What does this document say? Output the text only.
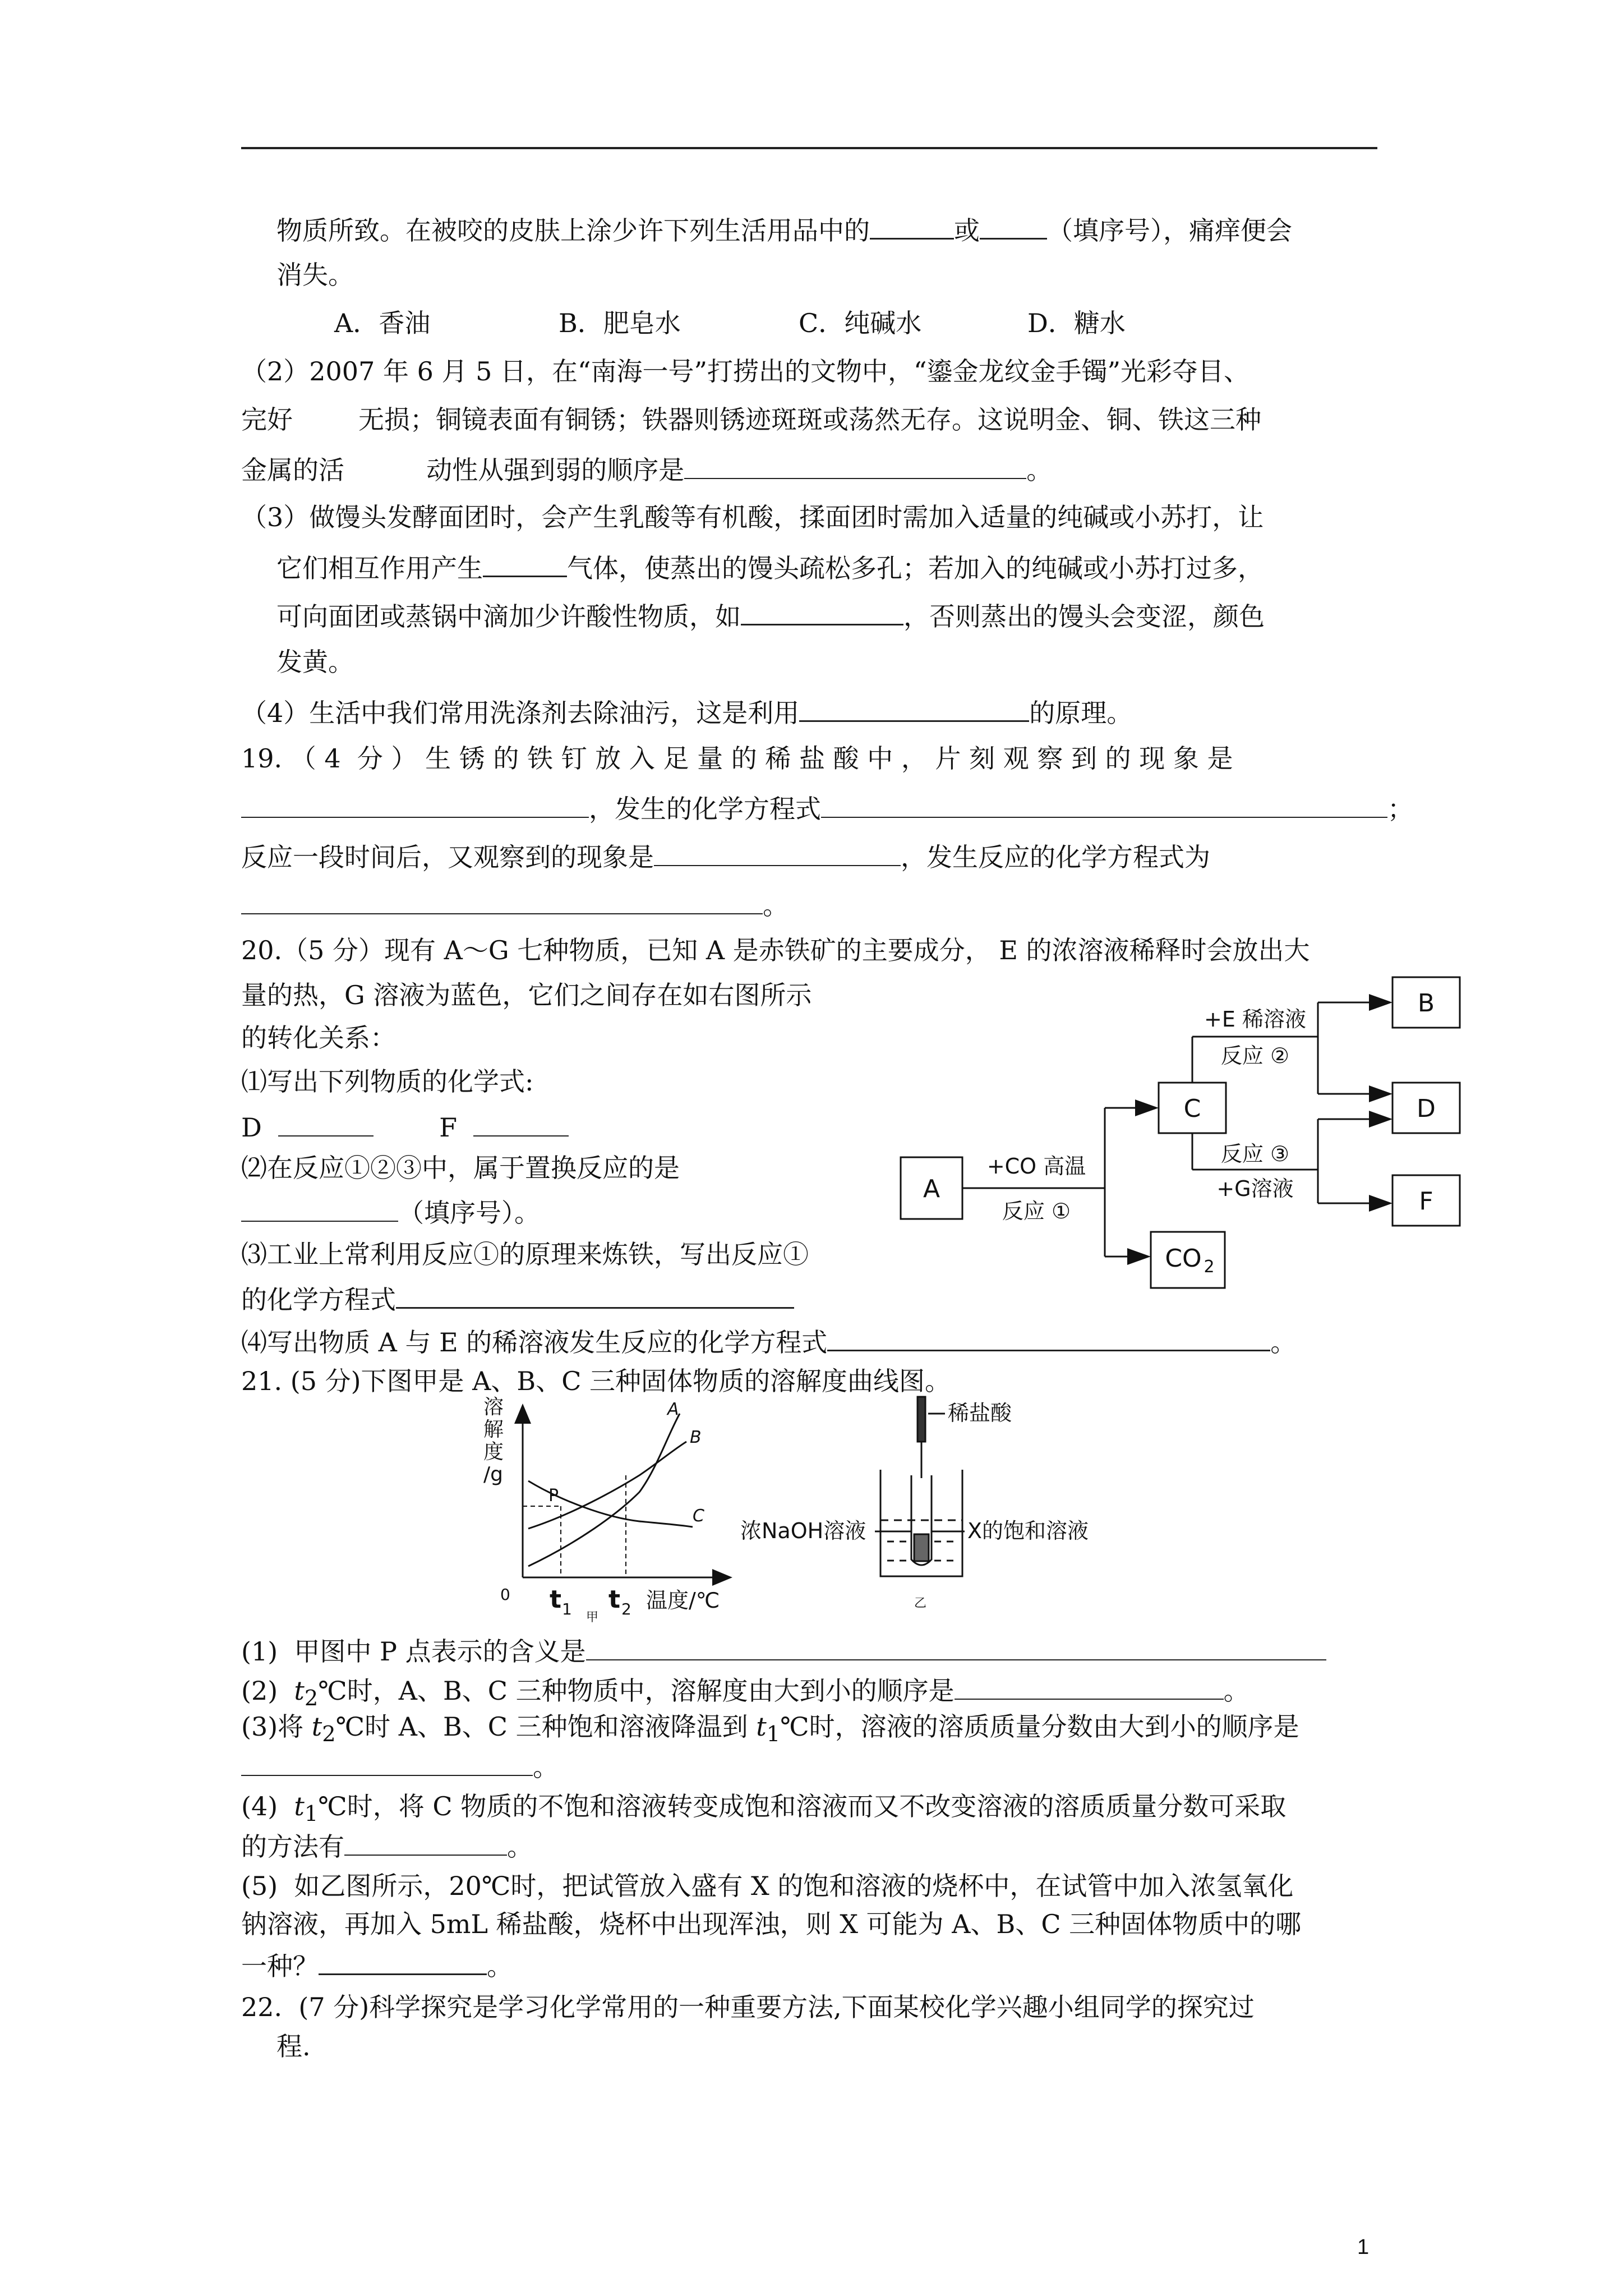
物质所致。在被咬的皮肤上涂少许下列生活用品中的	或	（填序号），痛痒便会
消失。
A．香油	B．肥皂水	C．纯碱水	D．糖水
（2）2007 年 6 月 5 日，在“南海一号”打捞出的文物中，“鎏金龙纹金手镯”光彩夺目、
完好        无损；铜镜表面有铜锈；铁器则锈迹斑斑或荡然无存。这说明金、铜、铁这三种
金属的活          动性从强到弱的顺序是	。
（3）做馒头发酵面团时，会产生乳酸等有机酸，揉面团时需加入适量的纯碱或小苏打，让
它们相互作用产生	气体，使蒸出的馒头疏松多孔；若加入的纯碱或小苏打过多，
可向面团或蒸锅中滴加少许酸性物质，如	，否则蒸出的馒头会变涩，颜色
发黄。
（4）生活中我们常用洗涤剂去除油污，这是利用	的原理。
19. （ 4  分 ） 生 锈 的 铁 钉 放 入 足 量 的 稀 盐 酸 中 ， 片 刻 观 察 到 的 现 象 是
，发生的化学方程式	；
反应一段时间后，又观察到的现象是	，发生反应的化学方程式为
。
20.（5 分）现有 A～G 七种物质，已知 A 是赤铁矿的主要成分， E 的浓溶液稀释时会放出大
量的热，G 溶液为蓝色，它们之间存在如右图所示
的转化关系：
⑴写出下列物质的化学式:
D	F
⑵在反应①②③中，属于置换反应的是
（填序号）。
⑶工业上常利用反应①的原理来炼铁，写出反应①
的化学方程式
⑷写出物质 A 与 E 的稀溶液发生反应的化学方程式	。
A
C
B
D
F
CO 2
+CO 高温
反应 ①
+E 稀溶液
反应 ②
反应 ③
+G溶液
21. (5 分)下图甲是 A、B、C 三种固体物质的溶解度曲线图。
溶
解
度
/g
0 t 1 t 2 温度/℃
甲
P
A
B
C
稀盐酸
浓NaOH溶液	X的饱和溶液
乙
(1)  甲图中 P 点表示的含义是
(2)  $t_2℃$时，A、B、C 三种物质中，溶解度由大到小的顺序是	。
(3)将 $t_2℃$时 A、B、C 三种饱和溶液降温到 $t_1℃$时，溶液的溶质质量分数由大到小的顺序是
。
(4)  $t_1℃$时，将 C 物质的不饱和溶液转变成饱和溶液而又不改变溶液的溶质质量分数可采取
的方法有	。
(5)  如乙图所示，20℃时，把试管放入盛有 X 的饱和溶液的烧杯中，在试管中加入浓氢氧化
钠溶液，再加入 5mL 稀盐酸，烧杯中出现浑浊，则 X 可能为 A、B、C 三种固体物质中的哪
一种？	。
22.  (7 分)科学探究是学习化学常用的一种重要方法,下面某校化学兴趣小组同学的探究过
程.
1
